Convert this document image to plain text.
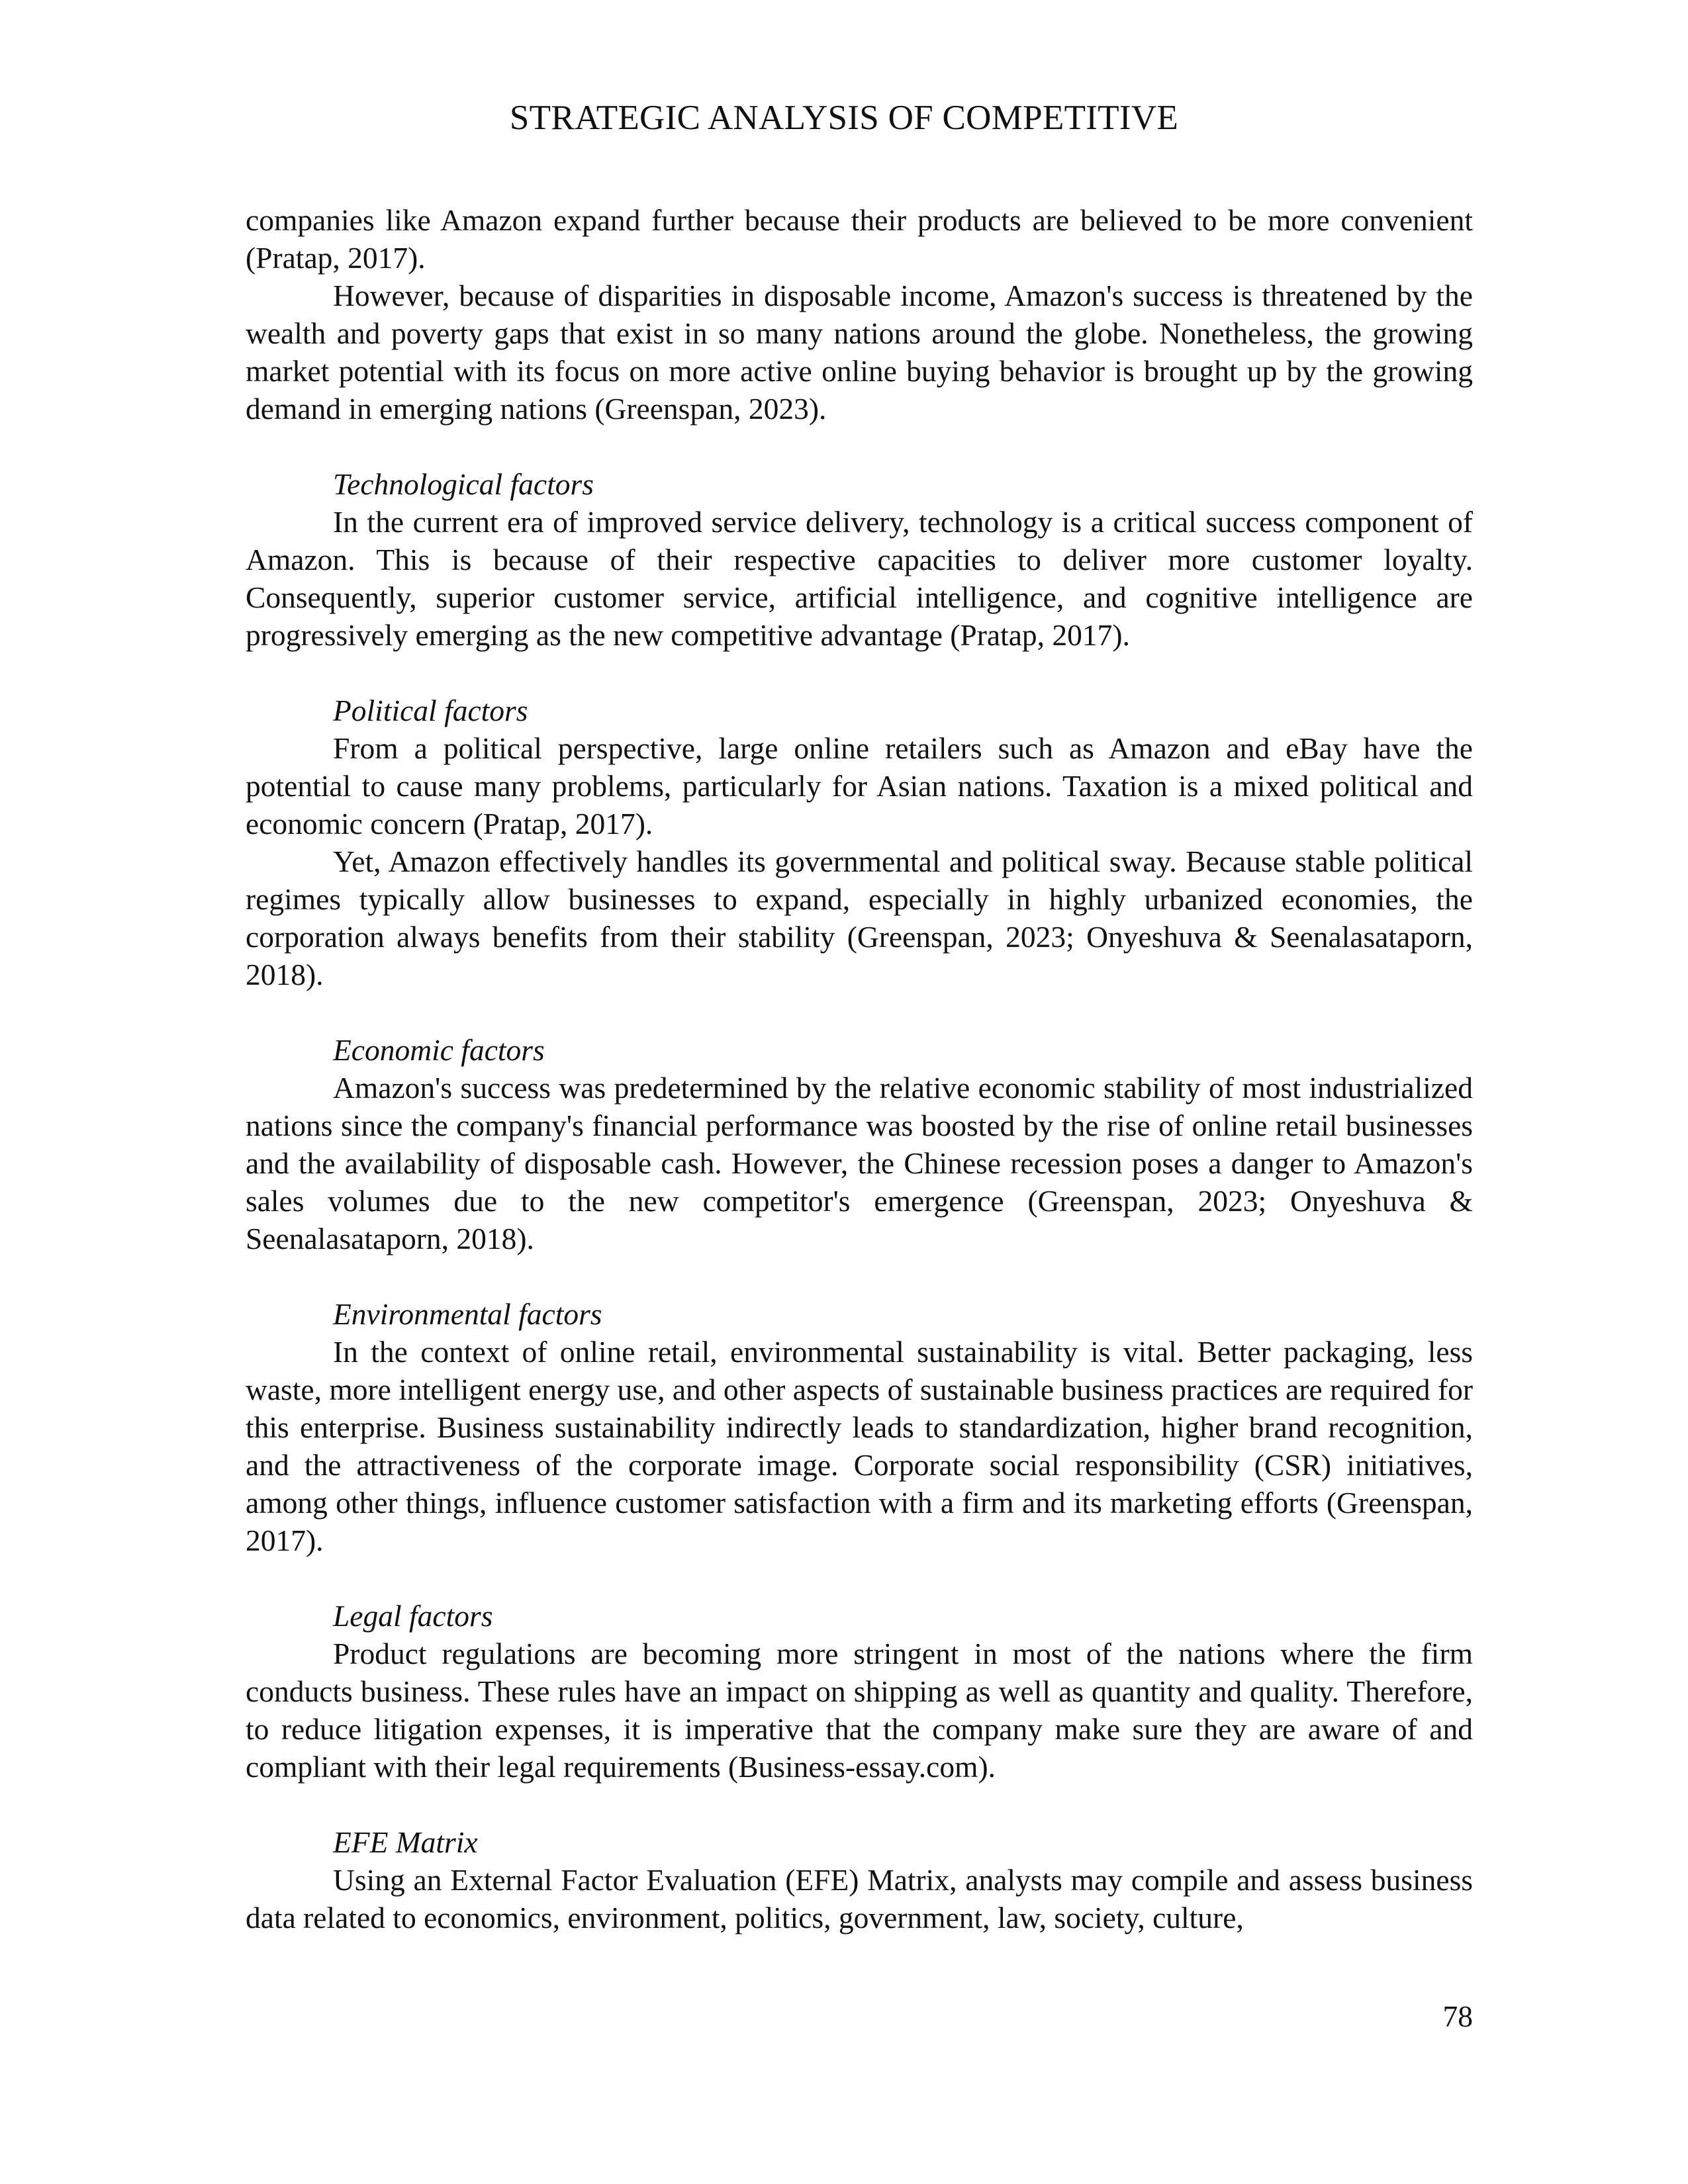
STRATEGIC ANALYSIS OF COMPETITIVE

companies like Amazon expand further because their products are believed to be more convenient (Pratap, 2017).

However, because of disparities in disposable income, Amazon's success is threatened by the wealth and poverty gaps that exist in so many nations around the globe. Nonetheless, the growing market potential with its focus on more active online buying behavior is brought up by the growing demand in emerging nations (Greenspan, 2023).

Technological factors

In the current era of improved service delivery, technology is a critical success component of Amazon. This is because of their respective capacities to deliver more customer loyalty. Consequently, superior customer service, artificial intelligence, and cognitive intelligence are progressively emerging as the new competitive advantage (Pratap, 2017).

Political factors

From a political perspective, large online retailers such as Amazon and eBay have the potential to cause many problems, particularly for Asian nations. Taxation is a mixed political and economic concern (Pratap, 2017).

Yet, Amazon effectively handles its governmental and political sway. Because stable political regimes typically allow businesses to expand, especially in highly urbanized economies, the corporation always benefits from their stability (Greenspan, 2023; Onyeshuva & Seenalasataporn, 2018).

Economic factors

Amazon's success was predetermined by the relative economic stability of most industrialized nations since the company's financial performance was boosted by the rise of online retail businesses and the availability of disposable cash. However, the Chinese recession poses a danger to Amazon's sales volumes due to the new competitor's emergence (Greenspan, 2023; Onyeshuva & Seenalasataporn, 2018).

Environmental factors

In the context of online retail, environmental sustainability is vital. Better packaging, less waste, more intelligent energy use, and other aspects of sustainable business practices are required for this enterprise. Business sustainability indirectly leads to standardization, higher brand recognition, and the attractiveness of the corporate image. Corporate social responsibility (CSR) initiatives, among other things, influence customer satisfaction with a firm and its marketing efforts (Greenspan, 2017).

Legal factors

Product regulations are becoming more stringent in most of the nations where the firm conducts business. These rules have an impact on shipping as well as quantity and quality. Therefore, to reduce litigation expenses, it is imperative that the company make sure they are aware of and compliant with their legal requirements (Business-essay.com).

EFE Matrix

Using an External Factor Evaluation (EFE) Matrix, analysts may compile and assess business data related to economics, environment, politics, government, law, society, culture,

78
